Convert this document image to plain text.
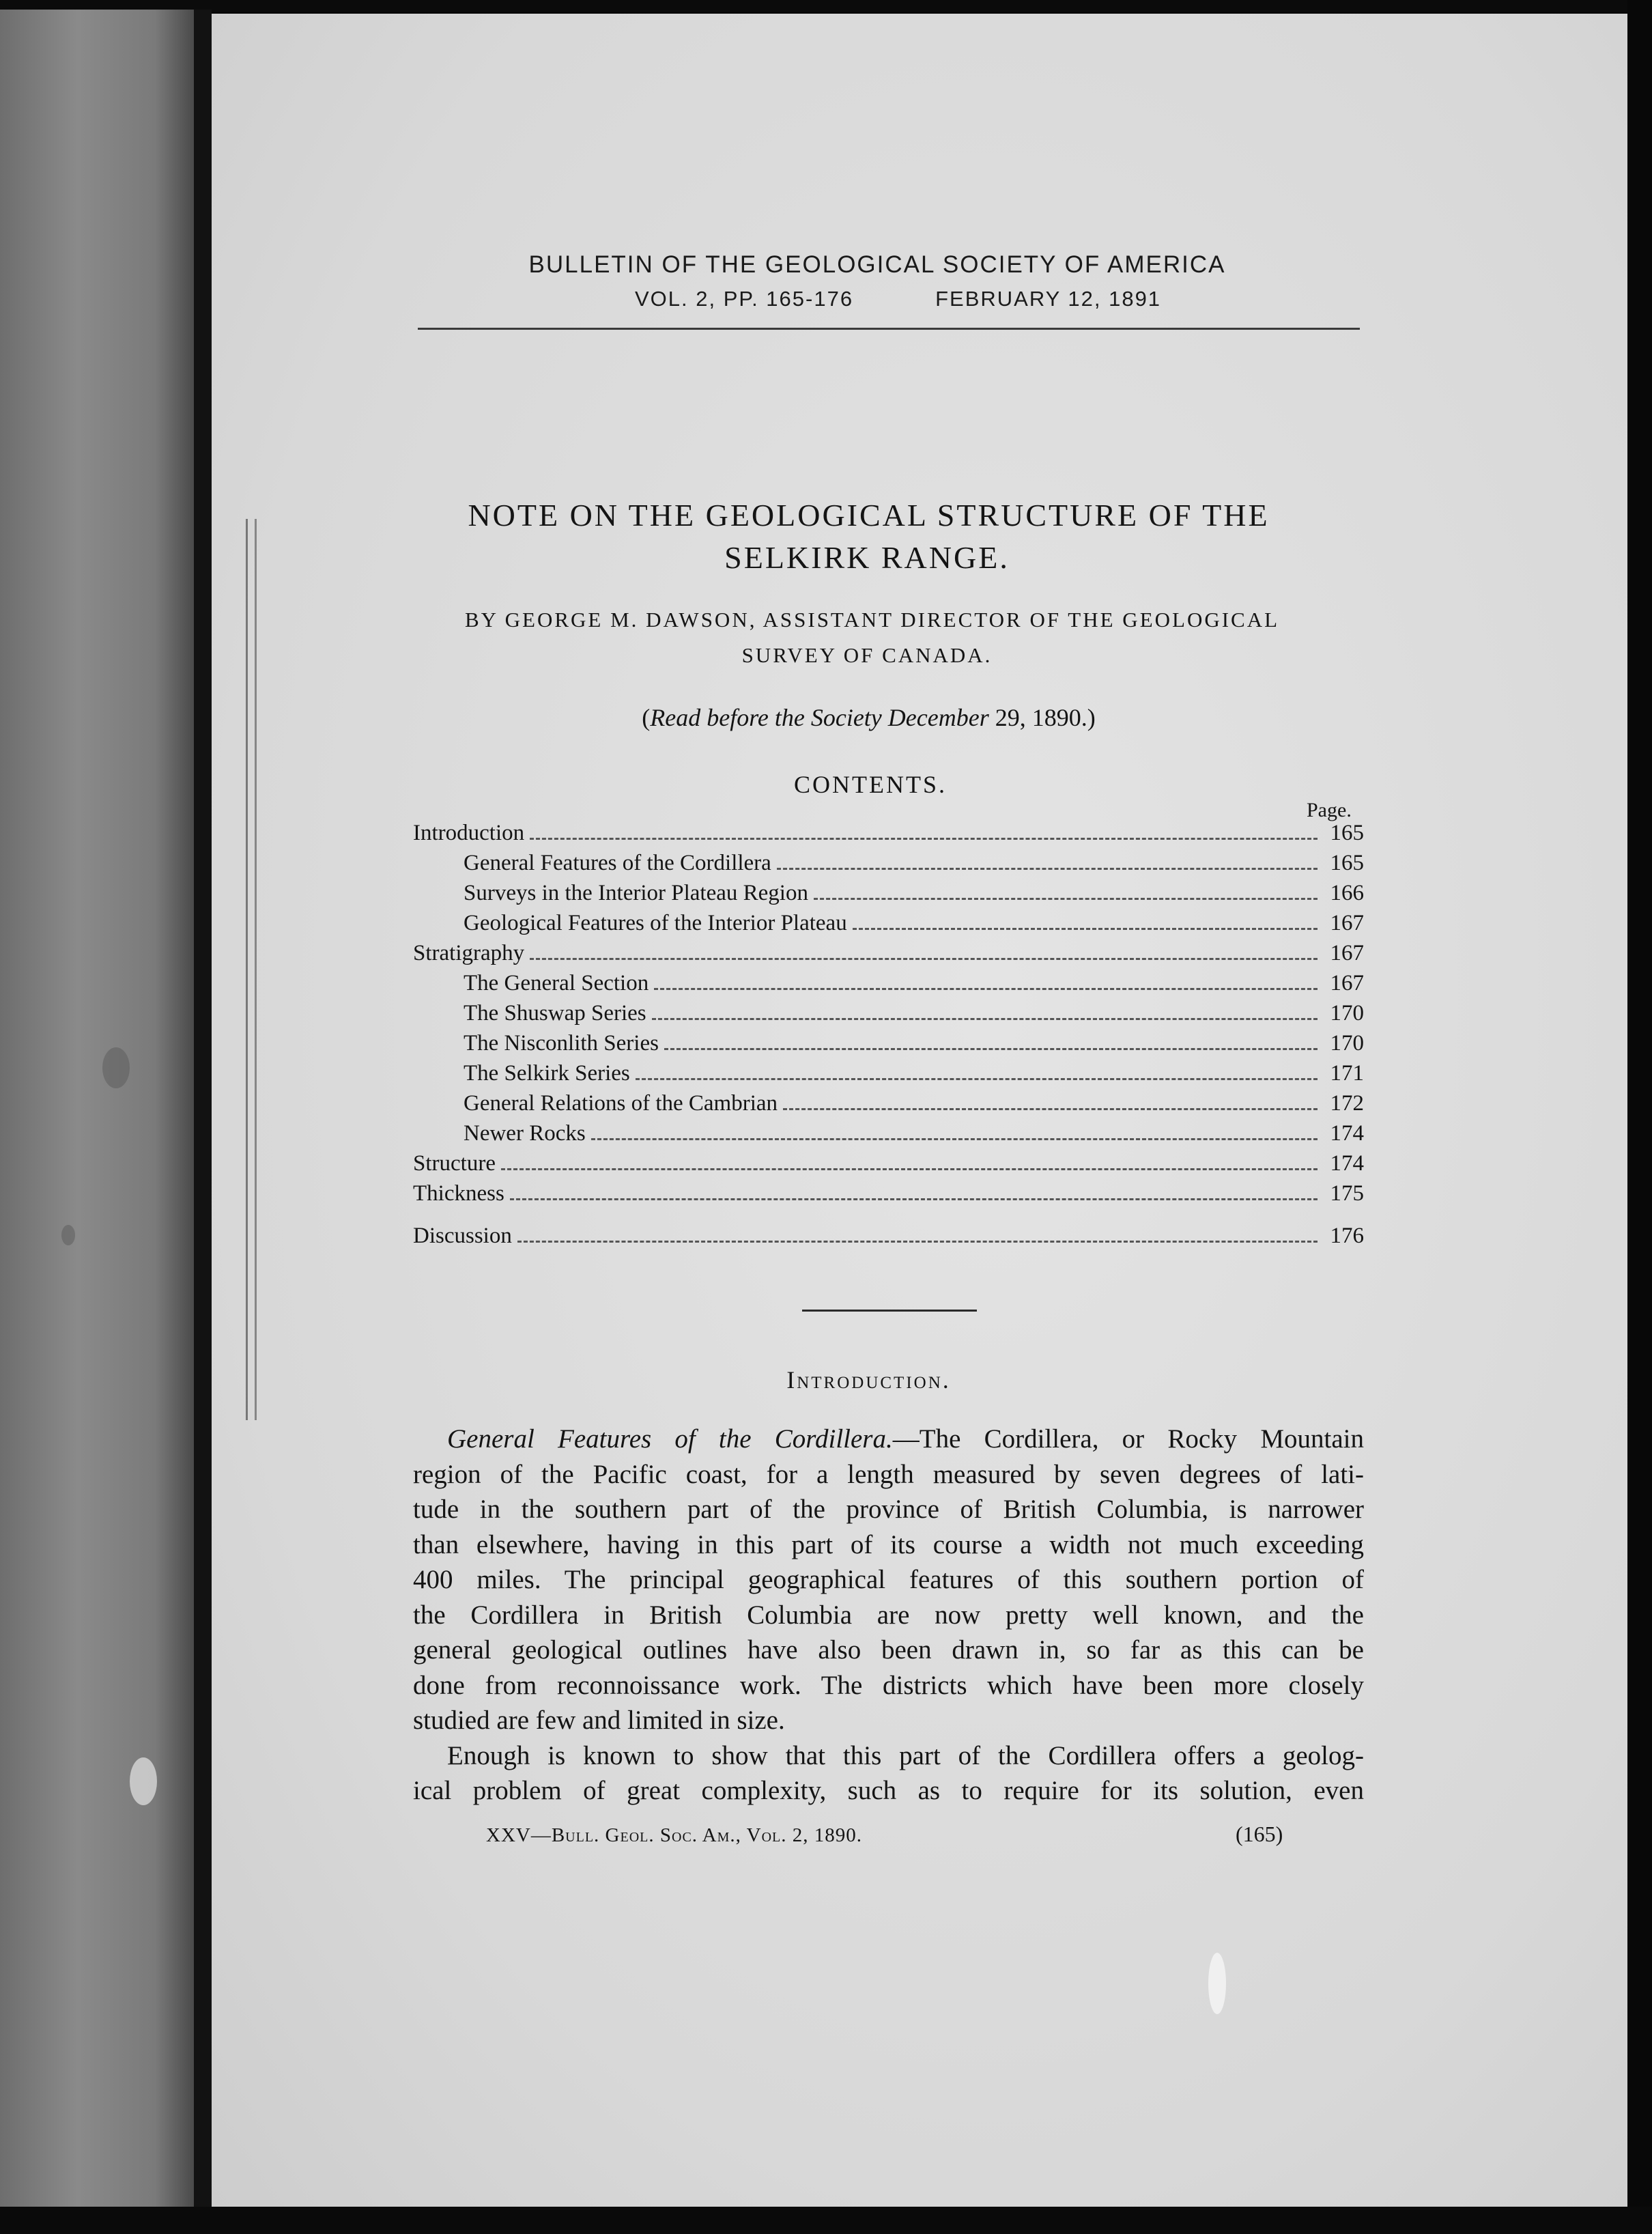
BULLETIN OF THE GEOLOGICAL SOCIETY OF AMERICA
VOL. 2, PP. 165-176	FEBRUARY 12, 1891
NOTE ON THE GEOLOGICAL STRUCTURE OF THE
SELKIRK RANGE.
BY GEORGE M. DAWSON, ASSISTANT DIRECTOR OF THE GEOLOGICAL
SURVEY OF CANADA.
(Read before the Society December 29, 1890.)
CONTENTS.
Page.
Introduction	165
General Features of the Cordillera	165
Surveys in the Interior Plateau Region	166
Geological Features of the Interior Plateau	167
Stratigraphy	167
The General Section	167
The Shuswap Series	170
The Nisconlith Series	170
The Selkirk Series	171
General Relations of the Cambrian	172
Newer Rocks	174
Structure	174
Thickness	175
Discussion	176
Introduction.
General Features of the Cordillera.—The Cordillera, or Rocky Mountain
region of the Pacific coast, for a length measured by seven degrees of lati-
tude in the southern part of the province of British Columbia, is narrower
than elsewhere, having in this part of its course a width not much exceeding
400 miles. The principal geographical features of this southern portion of
the Cordillera in British Columbia are now pretty well known, and the
general geological outlines have also been drawn in, so far as this can be
done from reconnoissance work. The districts which have been more closely
studied are few and limited in size.
Enough is known to show that this part of the Cordillera offers a geolog-
ical problem of great complexity, such as to require for its solution, even
XXV—Bull. Geol. Soc. Am., Vol. 2, 1890.	(165)
